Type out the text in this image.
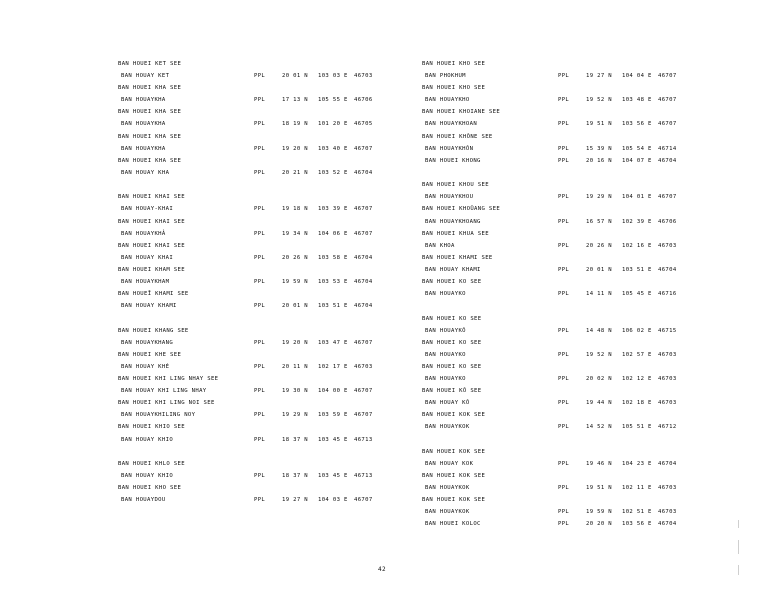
BAN HOUEI KET SEE
BAN HOUAY KET	PPL	20 01 N 103 03 E 46703
BAN HOUEI KHA SEE
BAN HOUAYKHA	PPL	17 13 N 105 55 E 46706
BAN HOUEI KHA SEE
BAN HOUAYKHA	PPL	18 19 N 101 20 E 46705
BAN HOUEI KHA SEE
BAN HOUAYKHA	PPL	19 20 N 103 40 E 46707
BAN HOUEI KHA SEE
BAN HOUAY KHA	PPL	20 21 N 103 52 E 46704
BAN HOUEI KHAI SEE
BAN HOUAY-KHAI	PPL	19 18 N 103 39 E 46707
BAN HOUEI KHAI SEE
BAN HOUAYKHẢ	PPL	19 34 N 104 06 E 46707
BAN HOUEI KHAI SEE
BAN HOUAY KHAI	PPL	20 26 N 103 58 E 46704
BAN HOUEI KHAM SEE
BAN HOUAYKHAM	PPL	19 59 N 103 53 E 46704
BAN HOUEĪ KHAMI SEE
BAN HOUAY KHAMI	PPL	20 01 N 103 51 E 46704
BAN HOUEI KHANG SEE
BAN HOUAYKHANG	PPL	19 20 N 103 47 E 46707
BAN HOUEI KHE SEE
BAN HOUAY KHÉ	PPL	20 11 N 102 17 E 46703
BAN HOUEI KHI LING NHAY SEE
BAN HOUAY KHI LING NHAY	PPL	19 30 N 104 00 E 46707
BAN HOUEI KHI LING NOI SEE
BAN HOUAYKHILING NOY	PPL	19 29 N 103 59 E 46707
BAN HOUEI KHIO SEE
BAN HOUAY KHIO	PPL	18 37 N 103 45 E 46713
BAN HOUEI KHLO SEE
BAN HOUAY KHIO	PPL	18 37 N 103 45 E 46713
BAN HOUEI KHO SEE
BAN HOUAYDOU	PPL	19 27 N 104 03 E 46707
BAN HOUEI KHO SEE
BAN PHOKHUM	PPL	19 27 N 104 04 E 46707
BAN HOUEI KHO SEE
BAN HOUAYKHO	PPL	19 52 N 103 48 E 46707
BAN HOUEI KHOIANE SEE
BAN HOUAYKHOAN	PPL	19 51 N 103 56 E 46707
BAN HOUEI KHÔNE SEE
BAN HOUAYKHÔN	PPL	15 39 N 105 54 E 46714
BAN HOUEI KHONG	PPL	20 16 N 104 07 E 46704
BAN HOUEI KHOU SEE
BAN HOUAYKHOU	PPL	19 29 N 104 01 E 46707
BAN HOUEI KHOÜANG SEE
BAN HOUAYKHOANG	PPL	16 57 N 102 39 E 46706
BAN HOUEI KHUA SEE
BAN KHOA	PPL	20 26 N 102 16 E 46703
BAN HOUEI KHAMI SEE
BAN HOUAY KHAMI	PPL	20 01 N 103 51 E 46704
BAN HOUEI KO SEE
BAN HOUAYKO	PPL	14 11 N 105 45 E 46716
BAN HOUEI KO SEE
BAN HOUAYKÔ	PPL	14 48 N 106 02 E 46715
BAN HOUEI KO SEE
BAN HOUAYKO	PPL	19 52 N 102 57 E 46703
BAN HOUEI KO SEE
BAN HOUAYKO	PPL	20 02 N 102 12 E 46703
BAN HOUEI KÔ SEE
BAN HOUAY KÔ	PPL	19 44 N 102 18 E 46703
BAN HOUEI KOK SEE
BAN HOUAYKOK	PPL	14 52 N 105 51 E 46712
BAN HOUEI KOK SEE
BAN HOUAY KOK	PPL	19 46 N 104 23 E 46704
BAN HOUEI KOK SEE
BAN HOUAYKOK	PPL	19 51 N 102 11 E 46703
BAN HOUEI KOK SEE
BAN HOUAYKOK	PPL	19 59 N 102 51 E 46703
BAN HOUEI KOLOC	PPL	20 20 N 103 56 E 46704
42
